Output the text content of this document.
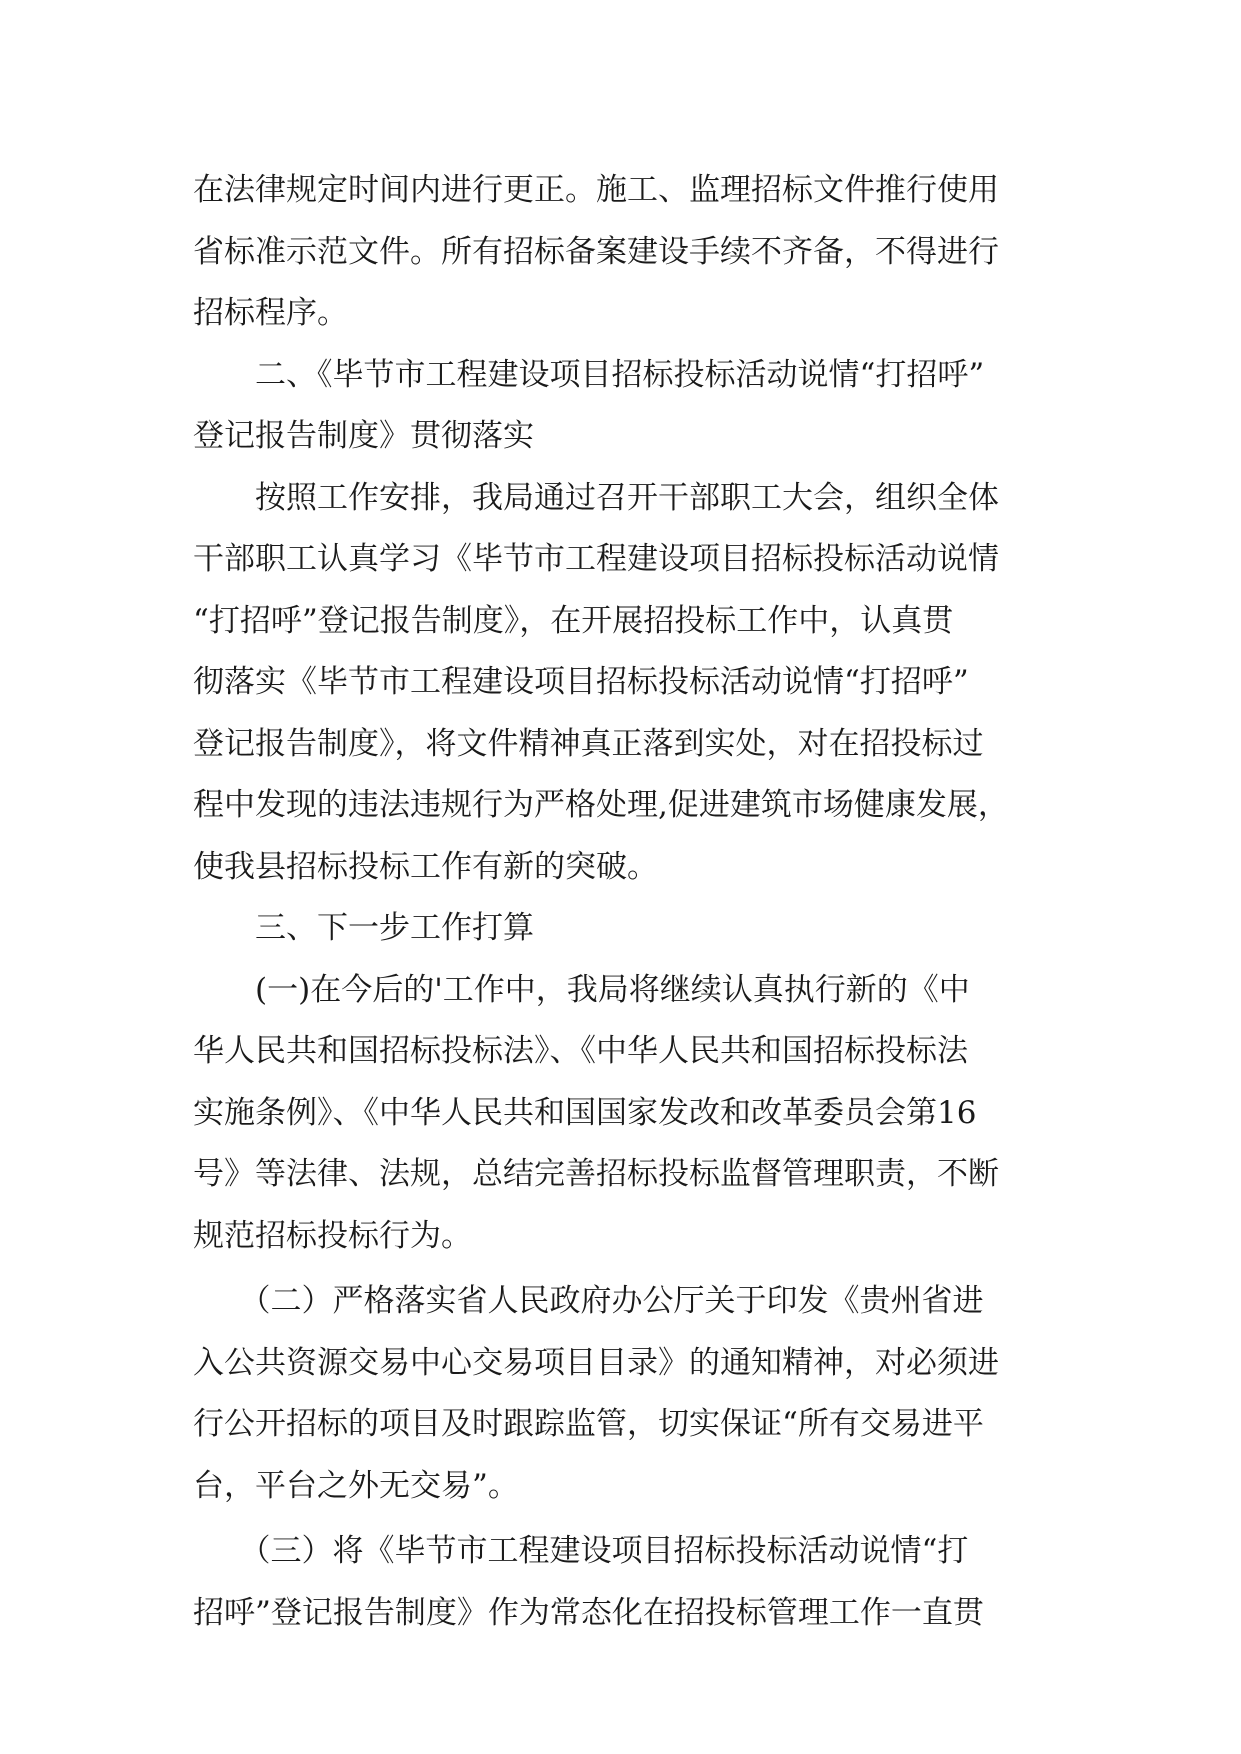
在法律规定时间内进行更正。施工、监理招标文件推行使用
省标准示范文件。所有招标备案建设手续不齐备，不得进行
招标程序。
　　二、《毕节市工程建设项目招标投标活动说情“打招呼”
登记报告制度》贯彻落实
　　按照工作安排，我局通过召开干部职工大会，组织全体
干部职工认真学习《毕节市工程建设项目招标投标活动说情
“打招呼”登记报告制度》，在开展招投标工作中，认真贯
彻落实《毕节市工程建设项目招标投标活动说情“打招呼”
登记报告制度》，将文件精神真正落到实处，对在招投标过
程中发现的违法违规行为严格处理,促进建筑市场健康发展，
使我县招标投标工作有新的突破。
　　三、下一步工作打算
　　(一)在今后的'工作中，我局将继续认真执行新的《中
华人民共和国招标投标法》、《中华人民共和国招标投标法
实施条例》、《中华人民共和国国家发改和改革委员会第16
号》等法律、法规，总结完善招标投标监督管理职责，不断
规范招标投标行为。
　　（二）严格落实省人民政府办公厅关于印发《贵州省进
入公共资源交易中心交易项目目录》的通知精神，对必须进
行公开招标的项目及时跟踪监管，切实保证“所有交易进平
台，平台之外无交易”。
　　（三）将《毕节市工程建设项目招标投标活动说情“打
招呼”登记报告制度》作为常态化在招投标管理工作一直贯
